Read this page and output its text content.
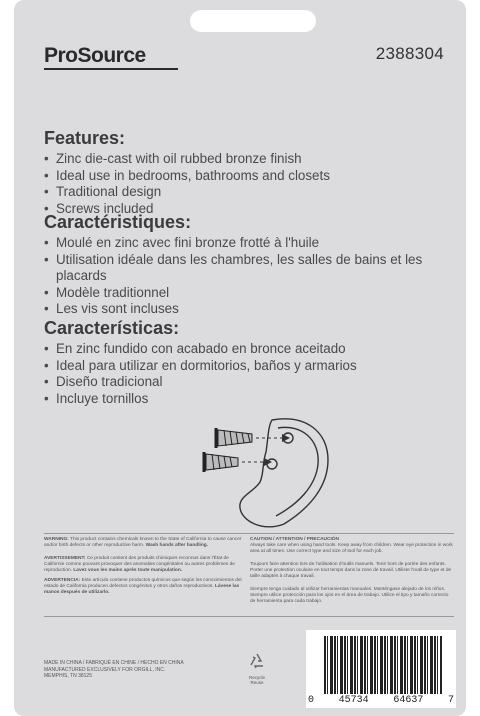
ProSource	2388304
Features:
• Zinc die-cast with oil rubbed bronze finish
• Ideal use in bedrooms, bathrooms and closets
• Traditional design
• Screws included
Caractéristiques:
• Moulé en zinc avec fini bronze frotté à l'huile
• Utilisation idéale dans les chambres, les salles de bains et les placards
• Modèle traditionnel
• Les vis sont incluses
Características:
• En zinc fundido con acabado en bronce aceitado
• Ideal para utilizar en dormitorios, baños y armarios
• Diseño tradicional
• Incluye tornillos
WARNING: This product contains chemicals known to the State of California to cause cancer and/or birth defects or other reproductive harm. Wash hands after handling.
AVERTISSEMENT: Ce produit contient des produits chimiques reconnus dans l'État de Californie comme pouvant provoquer des anomalies congénitales ou autres problèmes de reproduction. Lavez vous les mains après toute manipulation.
ADVERTENCIA: Este artículo contiene productos químicos que según los conocimientos del estado de California producen defectos congénitos y otros daños reproductivos. Lávese las manos después de utilizarlo.
CAUTION / ATTENTION / PRECAUCIÓN
Always take care when using hand tools. Keep away from children. Wear eye protection in work area at all times. Use correct type and size of tool for each job.

Toujours faire attention lors de l'utilisation d'outils manuels. Tenir hors de portée des enfants. Porter une protection oculaire en tout temps dans la zone de travail. Utiliser l'outil de type et de taille adaptés à chaque travail.

Siempre tenga cuidado al utilizar herramientas manuales. Manténgase alejado de los niños. Siempre utilice protección para los ojos en el área de trabajo. Utilice el tipo y tamaño correcto de herramienta para cada trabajo.
MADE IN CHINA / FABRIQUÉ EN CHINE / HECHO EN CHINA
MANUFACTURED EXCLUSIVELY FOR ORGILL, INC.
MEMPHIS, TN 38125	Recycle
Reuse
0 45734 64637 7
